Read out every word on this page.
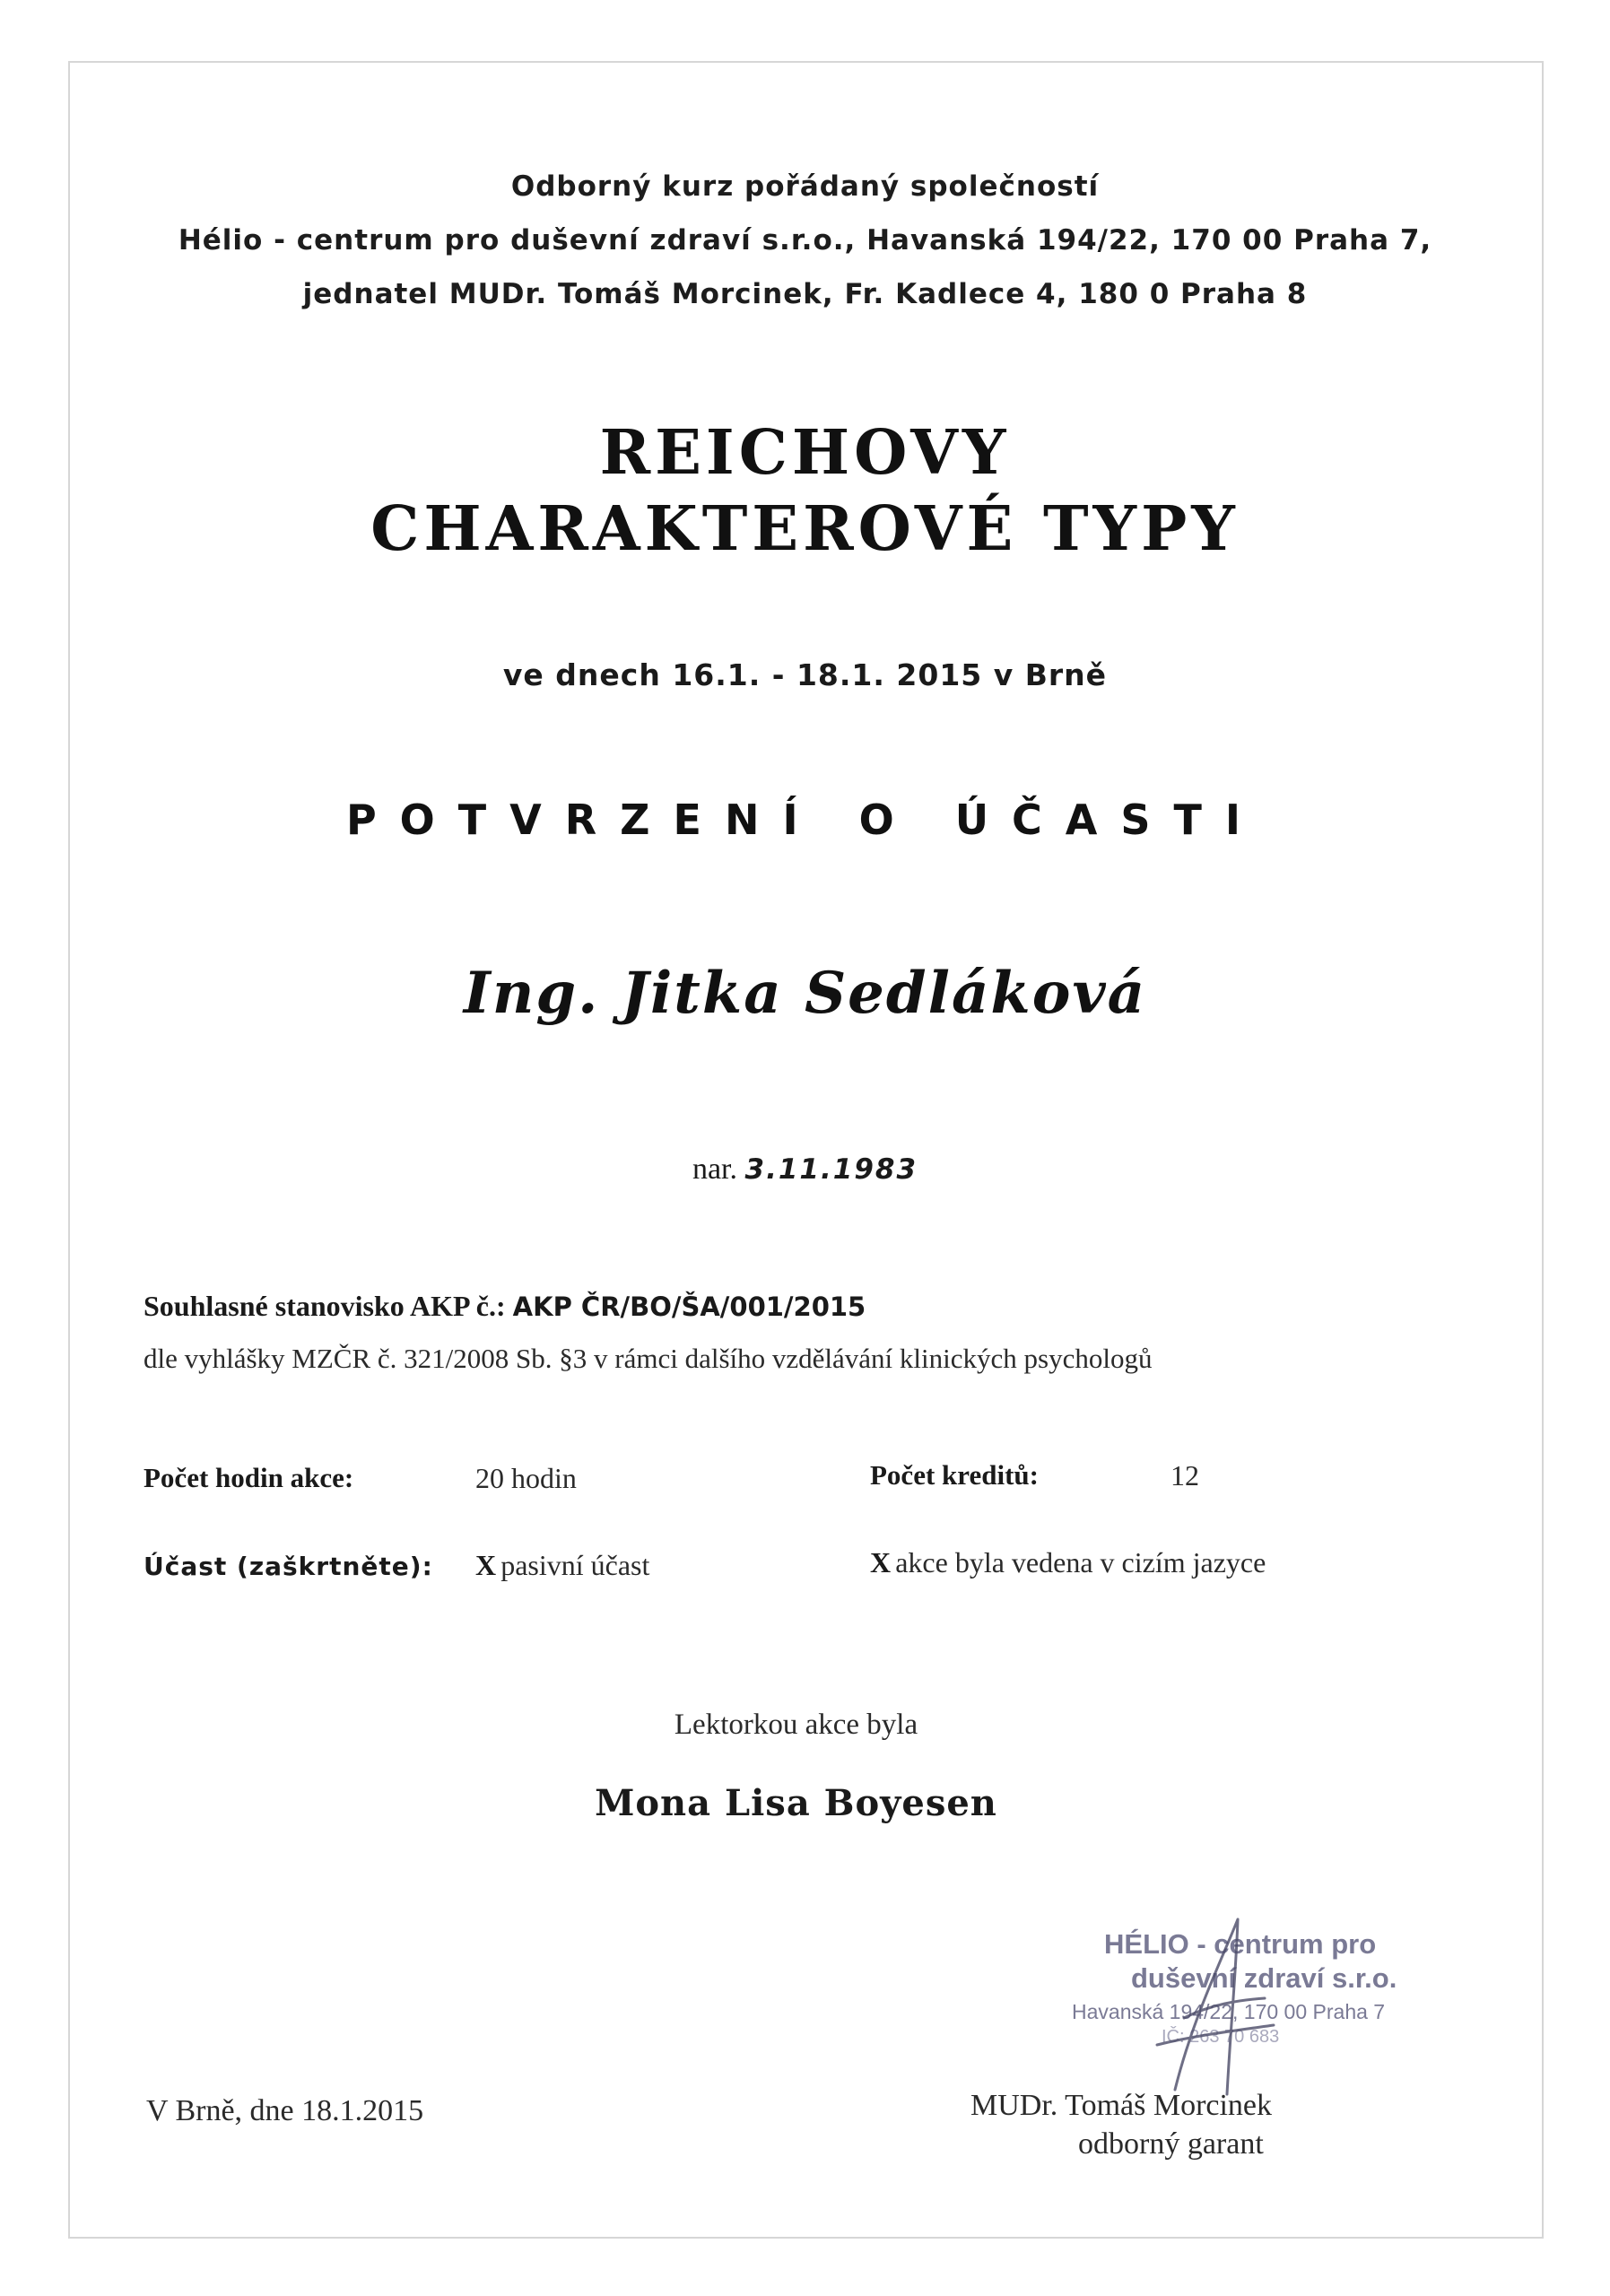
Odborný kurz pořádaný společností
Hélio - centrum pro duševní zdraví s.r.o., Havanská 194/22, 170 00 Praha 7,
jednatel MUDr. Tomáš Morcinek, Fr. Kadlece 4, 180 0 Praha 8
REICHOVY
CHARAKTEROVÉ TYPY
ve dnech 16.1. - 18.1. 2015 v Brně
POTVRZENÍ O ÚČASTI
Ing. Jitka Sedláková
nar. 3.11.1983
Souhlasné stanovisko AKP č.: AKP ČR/BO/ŠA/001/2015
dle vyhlášky MZČR č. 321/2008 Sb. §3 v rámci dalšího vzdělávání klinických psychologů
Počet hodin akce:	20 hodin	Počet kreditů:	12
Účast (zaškrtněte): X pasivní účast	X akce byla vedena v cizím jazyce
Lektorkou akce byla
Mona Lisa Boyesen
HÉLIO - centrum pro
duševní zdraví s.r.o.
Havanská 194/22, 170 00 Praha 7
IČ: 263 70 683
V Brně, dne 18.1.2015	MUDr. Tomáš Morcinek
odborný garant
